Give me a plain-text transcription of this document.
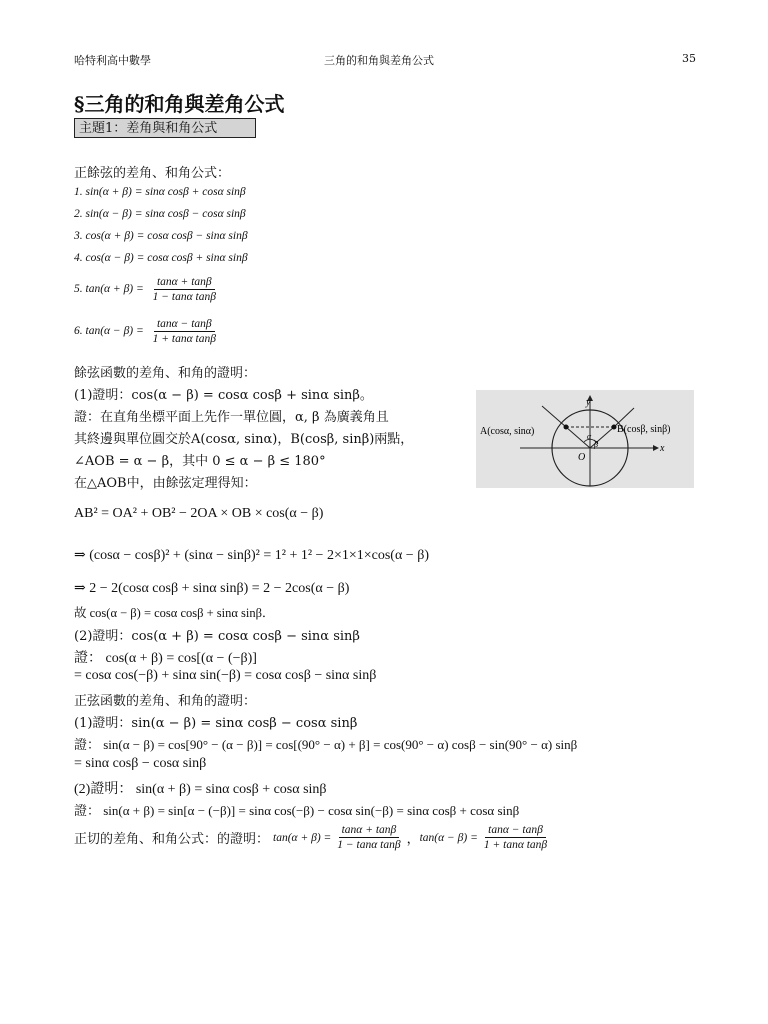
哈特利高中數學	三角的和角與差角公式	35
§三角的和角與差角公式
主題1：差角與和角公式
正餘弦的差角、和角公式：
1. sin(α + β) = sinα cosβ + cosα sinβ
2. sin(α − β) = sinα cosβ − cosα sinβ
3. cos(α + β) = cosα cosβ − sinα sinβ
4. cos(α − β) = cosα cosβ + sinα sinβ
5. $\tan(\alpha + \beta) = \frac{\tan\alpha + \tan\beta}{\text{1 − tanα tanβ}}$
6. $\tan(\alpha - \beta) = \frac{\tan\alpha - \tan\beta}{\text{1 + tanα tanβ}}$
餘弦函數的差角、和角的證明：
(1)證明：cos(α − β) = cosα cosβ + sinα sinβ。
證：在直角坐標平面上先作一單位圓，α, β 為廣義角且
其終邊與單位圓交於A(cosα, sinα)，B(cosβ, sinβ)兩點，
∠AOB = α − β，其中 0 ≤ α − β ≤ 180°
在△AOB中，由餘弦定理得知：
AB² = OA² + OB² − 2OA × OB × cos(α − β)
⇒ (cosα − cosβ)² + (sinα − sinβ)² = 1² + 1² − 2×1×1×cos(α − β)
⇒ 2 − 2(cosα cosβ + sinα sinβ) = 2 − 2cos(α − β)
故 cos(α − β) = cosα cosβ + sinα sinβ．
(2)證明：cos(α + β) = cosα cosβ − sinα sinβ
證： cos(α + β) = cos[(α − (−β)]
= cosα cos(−β) + sinα sin(−β) = cosα cosβ − sinα sinβ
正弦函數的差角、和角的證明：
(1)證明：sin(α − β) = sinα cosβ − cosα sinβ
證： sin(α − β) = cos[90° − (α − β)] = cos[(90° − α) + β] = cos(90° − α) cosβ − sin(90° − α) sinβ
= sinα cosβ − cosα sinβ
(2)證明： sin(α + β) = sinα cosβ + cosα sinβ
證： sin(α + β) = sin[α − (−β)] = sinα cos(−β) − cosα sin(−β) = sinα cosβ + cosα sinβ
正切的差角、和角公式：的證明： $\tan(\alpha + \beta) = \frac{\tan\alpha + \tan\beta}{\text{1 − tanα tanβ}}$ ， $\tan(\alpha - \beta) = \frac{\tan\alpha - \tan\beta}{\text{1 + tanα tanβ}}$
y
x
O
A(cosα, sinα)	B(cosβ, sinβ)
α
β
